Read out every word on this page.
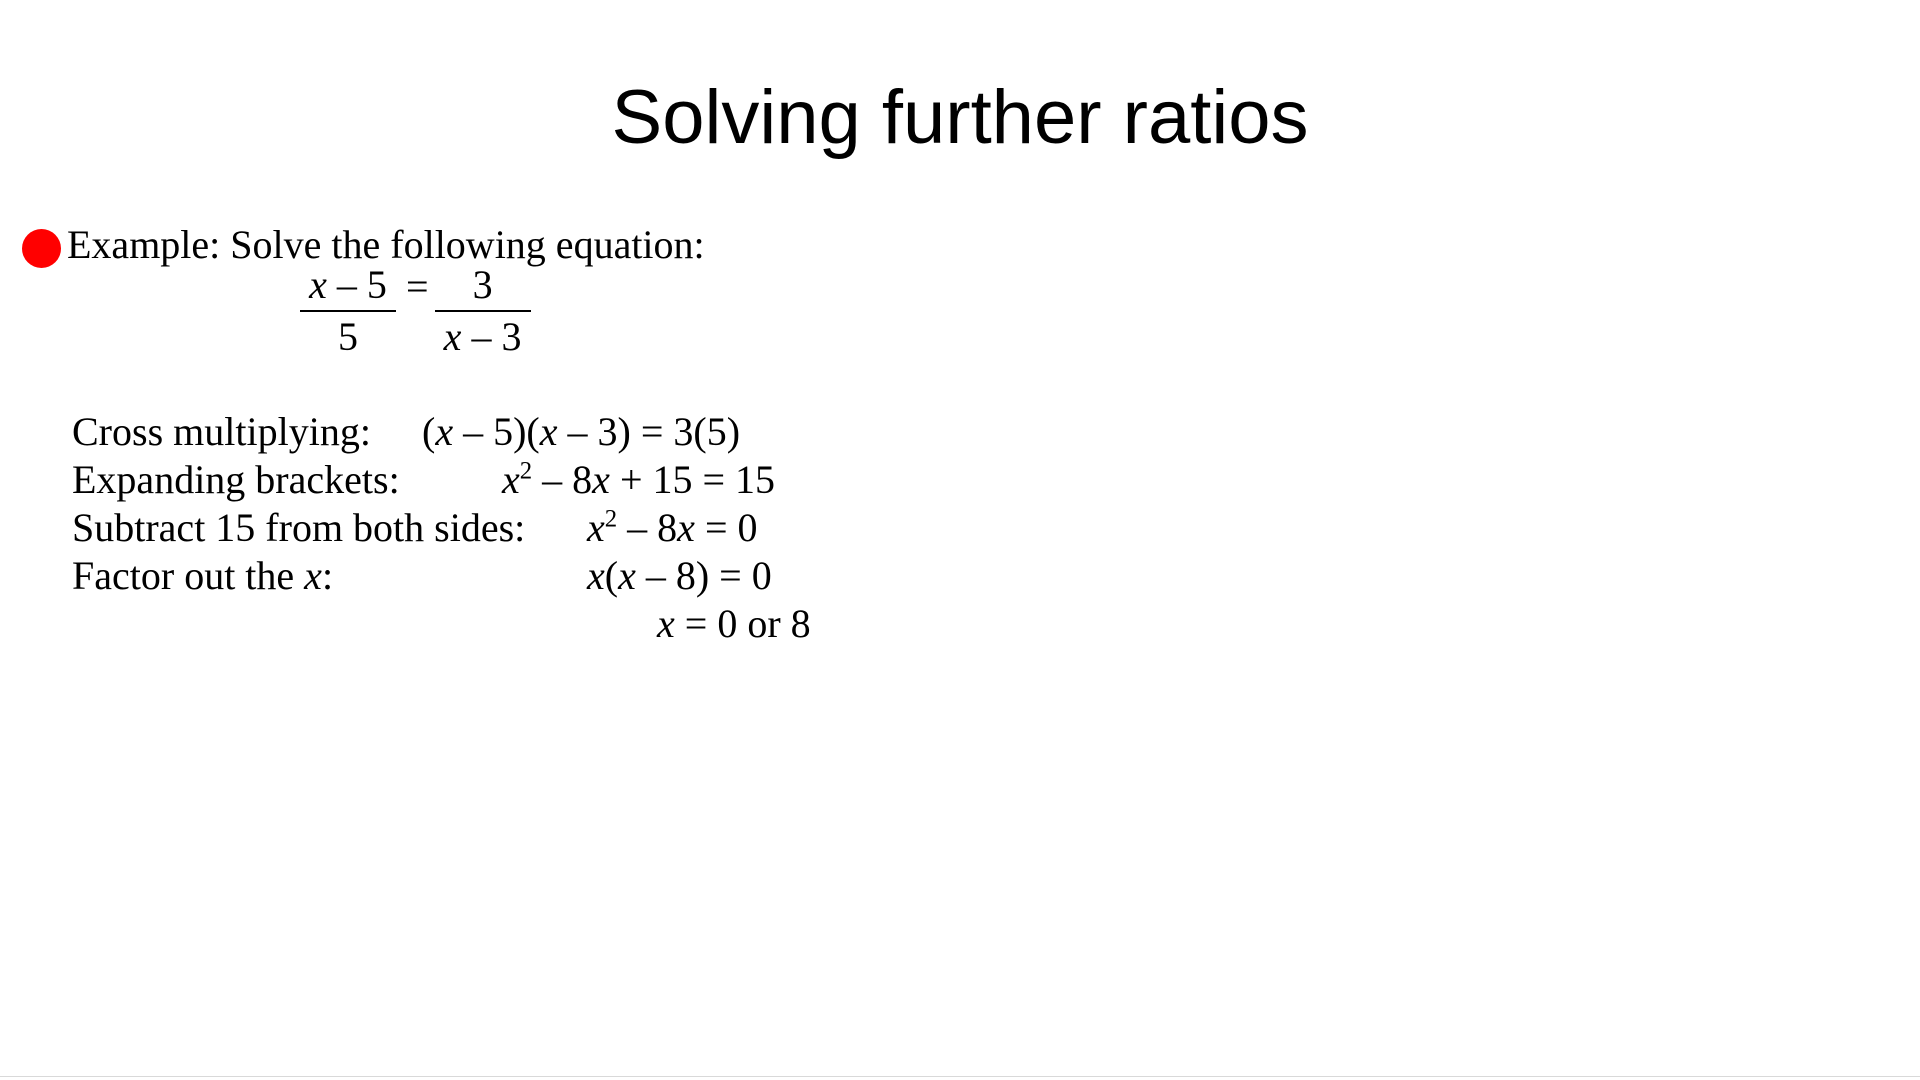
Solving further ratios
Example: Solve the following equation:
$\frac{x - 5}{5} = \frac{3}{x - 3}$
Cross multiplying:	(x – 5)(x – 3) = 3(5)
Expanding brackets:	$x^2 - 8x + 15 = 15$
Subtract 15 from both sides:	$x^2 - 8x = 0$
Factor out the x:	x(x – 8) = 0
x = 0 or 8
